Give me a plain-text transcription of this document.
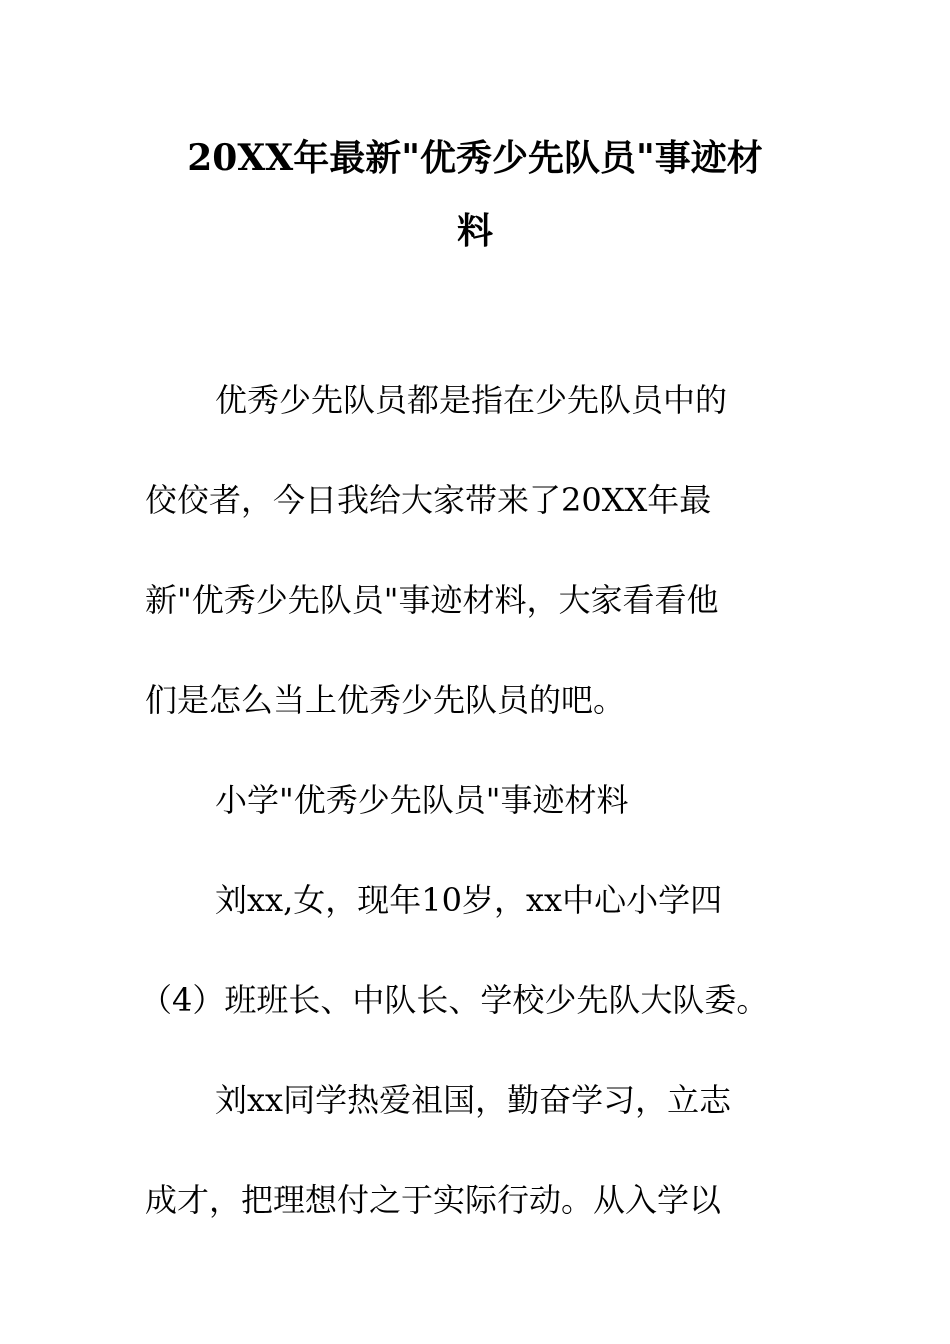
20XX年最新"优秀少先队员"事迹材
料
优秀少先队员都是指在少先队员中的
佼佼者，今日我给大家带来了20XX年最
新"优秀少先队员"事迹材料，大家看看他
们是怎么当上优秀少先队员的吧。
小学"优秀少先队员"事迹材料
刘xx,女，现年10岁，xx中心小学四
（4）班班长、中队长、学校少先队大队委。
刘xx同学热爱祖国，勤奋学习，立志
成才，把理想付之于实际行动。从入学以
